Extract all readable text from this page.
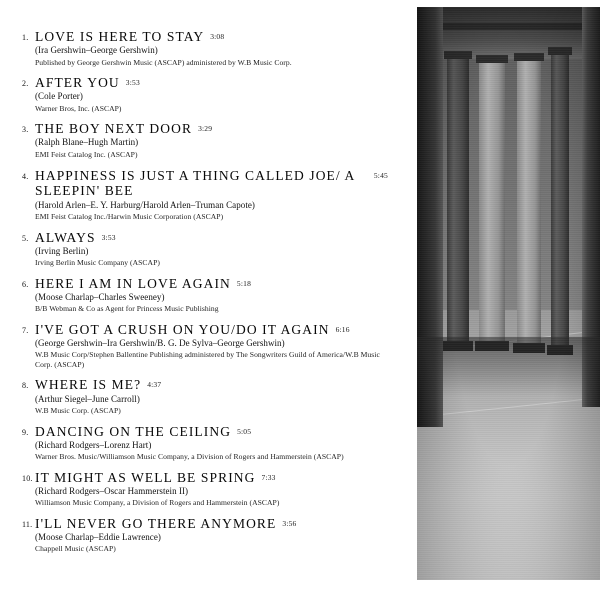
1. LOVE IS HERE TO STAY 3:08
(Ira Gershwin–George Gershwin)
Published by George Gershwin Music (ASCAP) administered by W.B Music Corp.
2. AFTER YOU 3:53
(Cole Porter)
Warner Bros, Inc. (ASCAP)
3. THE BOY NEXT DOOR 3:29
(Ralph Blane–Hugh Martin)
EMI Feist Catalog Inc. (ASCAP)
4. HAPPINESS IS JUST A THING CALLED JOE/ A SLEEPIN' BEE
5:45
(Harold Arlen–E. Y. Harburg/Harold Arlen–Truman Capote)
EMI Feist Catalog Inc./Harwin Music Corporation (ASCAP)
5. ALWAYS 3:53
(Irving Berlin)
Irving Berlin Music Company (ASCAP)
6. HERE I AM IN LOVE AGAIN 5:18
(Moose Charlap–Charles Sweeney)
B/B Webman & Co as Agent for Princess Music Publishing
7. I'VE GOT A CRUSH ON YOU/DO IT AGAIN 6:16
(George Gershwin–Ira Gershwin/B. G. De Sylva–George Gershwin)
W.B Music Corp/Stephen Ballentine Publishing administered by The Songwriters Guild of America/W.B Music Corp. (ASCAP)
8. WHERE IS ME? 4:37
(Arthur Siegel–June Carroll)
W.B Music Corp. (ASCAP)
9. DANCING ON THE CEILING 5:05
(Richard Rodgers–Lorenz Hart)
Warner Bros. Music/Williamson Music Company, a Division of Rogers and Hammerstein (ASCAP)
10. IT MIGHT AS WELL BE SPRING 7:33
(Richard Rodgers–Oscar Hammerstein II)
Williamson Music Company, a Division of Rogers and Hammerstein (ASCAP)
11. I'LL NEVER GO THERE ANYMORE 3:56
(Moose Charlap–Eddie Lawrence)
Chappell Music (ASCAP)
